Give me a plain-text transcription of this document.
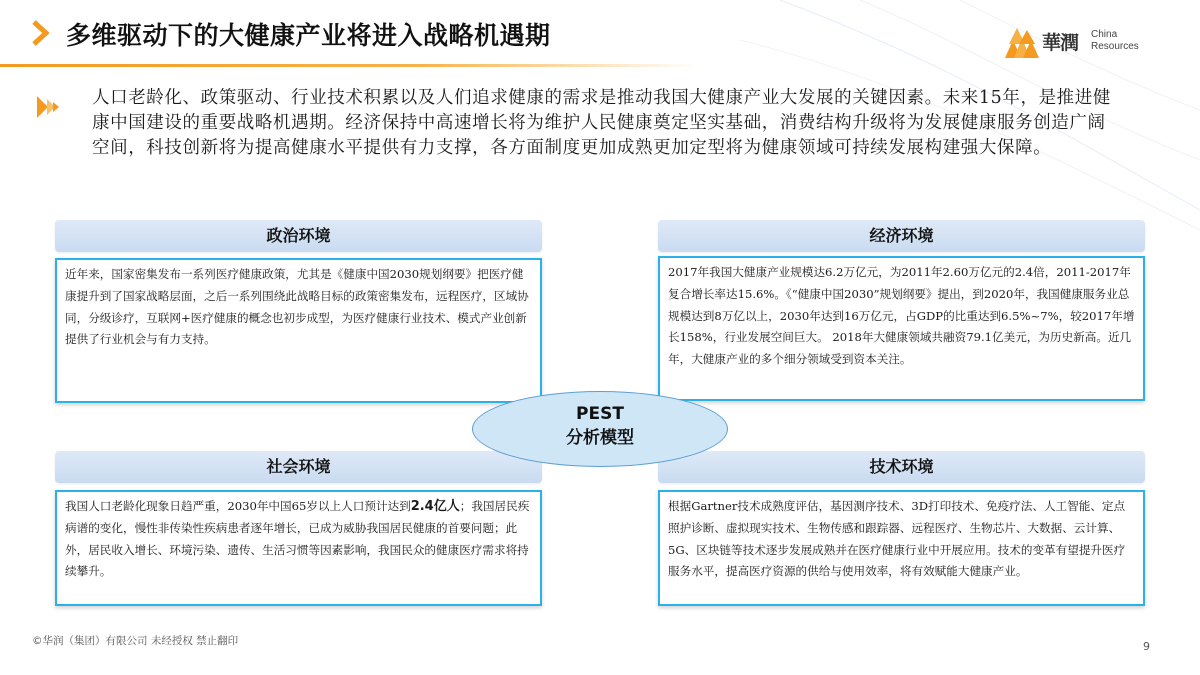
多维驱动下的大健康产业将进入战略机遇期	華潤 China
Resources
人口老龄化、政策驱动、行业技术积累以及人们追求健康的需求是推动我国大健康产业大发展的关键因素。未来15年，是推进健康中国建设的重要战略机遇期。经济保持中高速增长将为维护人民健康奠定坚实基础，消费结构升级将为发展健康服务创造广阔空间，科技创新将为提高健康水平提供有力支撑，各方面制度更加成熟更加定型将为健康领域可持续发展构建强大保障。
政治环境
近年来，国家密集发布一系列医疗健康政策，尤其是《健康中国2030规划纲要》把医疗健康提升到了国家战略层面，之后一系列围绕此战略目标的政策密集发布，远程医疗，区域协同，分级诊疗，互联网+医疗健康的概念也初步成型，为医疗健康行业技术、模式产业创新提供了行业机会与有力支持。
经济环境
2017年我国大健康产业规模达6.2万亿元，为2011年2.60万亿元的2.4倍，2011-2017年复合增长率达15.6%。《“健康中国2030”规划纲要》提出，到2020年，我国健康服务业总规模达到8万亿以上，2030年达到16万亿元，占GDP的比重达到6.5%~7%，较2017年增长158%，行业发展空间巨大。 2018年大健康领域共融资79.1亿美元，为历史新高。近几年，大健康产业的多个细分领域受到资本关注。
社会环境
我国人口老龄化现象日趋严重，2030年中国65岁以上人口预计达到2.4亿人；我国居民疾病谱的变化，慢性非传染性疾病患者逐年增长，已成为威胁我国居民健康的首要问题；此外，居民收入增长、环境污染、遗传、生活习惯等因素影响，我国民众的健康医疗需求将持续攀升。
技术环境
根据Gartner技术成熟度评估，基因测序技术、3D打印技术、免疫疗法、人工智能、定点照护诊断、虚拟现实技术、生物传感和跟踪器、远程医疗、生物芯片、大数据、云计算、5G、区块链等技术逐步发展成熟并在医疗健康行业中开展应用。技术的变革有望提升医疗服务水平，提高医疗资源的供给与使用效率，将有效赋能大健康产业。
PEST
分析模型
©华润（集团）有限公司 未经授权 禁止翻印	9
